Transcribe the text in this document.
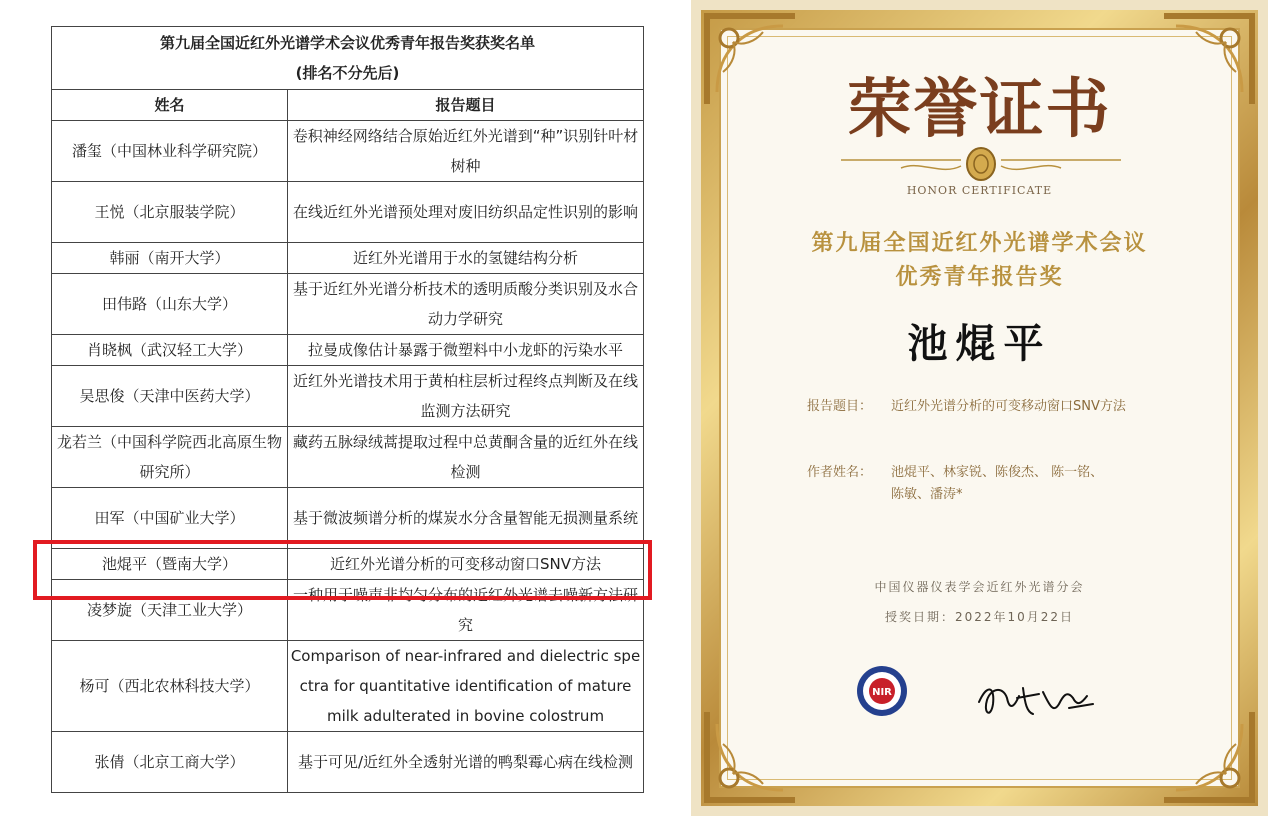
第九届全国近红外光谱学术会议优秀青年报告奖获奖名单
(排名不分先后)	

姓名	报告题目
潘玺（中国林业科学研究院）	卷积神经网络结合原始近红外光谱到“种”识别针叶材树种
王悦（北京服装学院）	在线近红外光谱预处理对废旧纺织品定性识别的影响
韩丽（南开大学）	近红外光谱用于水的氢键结构分析
田伟路（山东大学）	基于近红外光谱分析技术的透明质酸分类识别及水合动力学研究
肖晓枫（武汉轻工大学）	拉曼成像估计暴露于微塑料中小龙虾的污染水平
吴思俊（天津中医药大学）	近红外光谱技术用于黄柏柱层析过程终点判断及在线监测方法研究
龙若兰（中国科学院西北高原生物研究所）	藏药五脉绿绒蒿提取过程中总黄酮含量的近红外在线检测
田军（中国矿业大学）	基于微波频谱分析的煤炭水分含量智能无损测量系统
池焜平（暨南大学）	近红外光谱分析的可变移动窗口SNV方法
凌梦旋（天津工业大学）	一种用于噪声非均匀分布的近红外光谱去噪新方法研究
杨可（西北农林科技大学）	Comparison of near-infrared and dielectric spectra for quantitative identification of mature milk adulterated in bovine colostrum
张倩（北京工商大学）	基于可见/近红外全透射光谱的鸭梨霉心病在线检测
荣誉证书
HONOR CERTIFICATE
第九届全国近红外光谱学术会议
优秀青年报告奖
池焜平
报告题目： 近红外光谱分析的可变移动窗口SNV方法
作者姓名： 池焜平、林家锐、陈俊杰、 陈一铭、
陈敏、潘涛*
中国仪器仪表学会近红外光谱分会
授奖日期：2022年10月22日
NIR
